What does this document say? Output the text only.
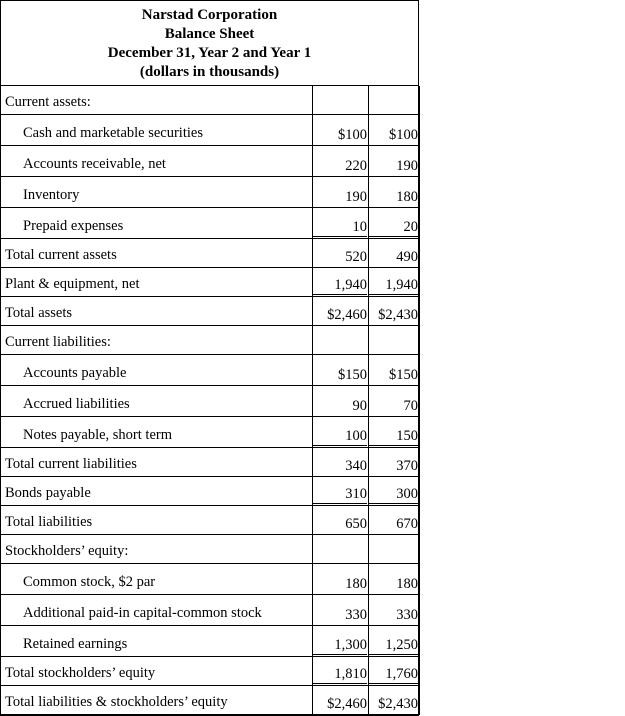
Narstad Corporation
Balance Sheet
December 31, Year 2 and Year 1
(dollars in thousands)
Current assets:		
Cash and marketable securities	$100	$100
Accounts receivable, net	220	190
Inventory	190	180
Prepaid expenses	10	20
Total current assets	520	490
Plant & equipment, net	1,940	1,940
Total assets	$2,460	$2,430
Current liabilities:		
Accounts payable	$150	$150
Accrued liabilities	90	70
Notes payable, short term	100	150
Total current liabilities	340	370
Bonds payable	310	300
Total liabilities	650	670
Stockholders’ equity:		
Common stock, $2 par	180	180
Additional paid-in capital-common stock	330	330
Retained earnings	1,300	1,250
Total stockholders’ equity	1,810	1,760
Total liabilities & stockholders’ equity	$2,460	$2,430
